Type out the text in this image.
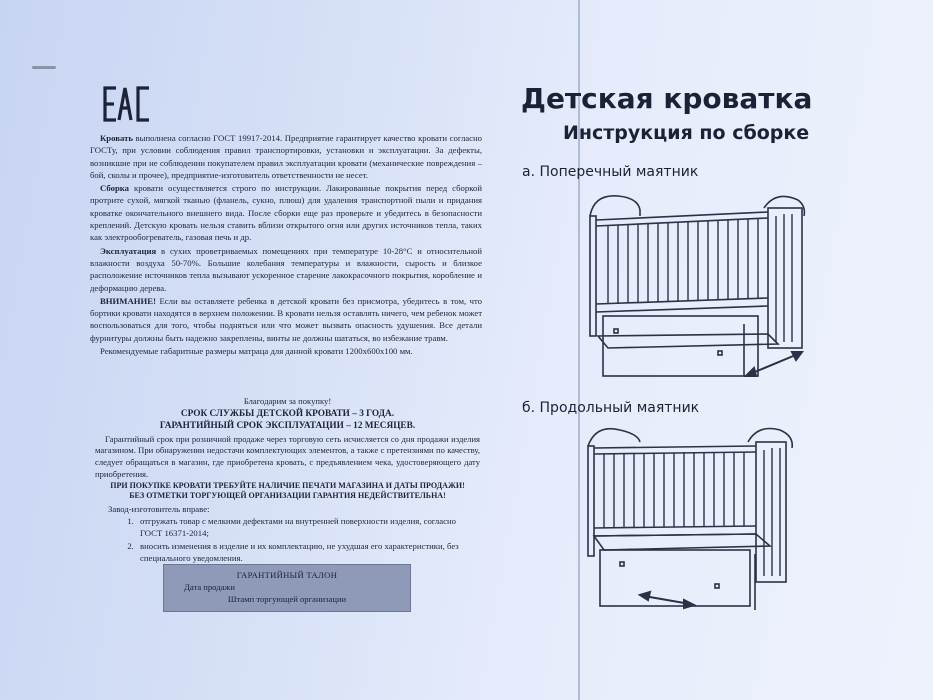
Кровать выполнена согласно ГОСТ 19917-2014. Предприятие гарантирует качество кровати согласно ГОСТу, при условии соблюдения правил транспортировки, установки и эксплуатации. За дефекты, возникшие при не соблюдении покупателем правил эксплуатации кровати (механические повреждения – бой, сколы и прочее), предприятие-изготовитель ответственности не несет.

Сборка кровати осуществляется строго по инструкции. Лакированные покрытия перед сборкой протрите сухой, мягкой тканью (фланель, сукно, плюш) для удаления транспортной пыли и придания кроватке окончательного внешнего вида. После сборки еще раз проверьте и убедитесь в безопасности креплений. Детскую кровать нельзя ставить вблизи открытого огня или других источников тепла, таких как электрообогреватель, газовая печь и др.

Эксплуатация в сухих проветриваемых помещениях при температуре 10-28°С и относительной влажности воздуха 50-70%. Большие колебания температуры и влажности, сырость и близкое расположение источников тепла вызывают ускоренное старение лакокрасочного покрытия, коробление и деформацию дерева.

ВНИМАНИЕ! Если вы оставляете ребенка в детской кровати без присмотра, убедитесь в том, что бортики кровати находятся в верхнем положении. В кровати нельзя оставлять ничего, чем ребенок может воспользоваться для того, чтобы подняться или что может вызвать опасность удушения. Все детали фурнитуры должны быть надежно закреплены, винты не должны шататься, во избежание травм.

Рекомендуемые габаритные размеры матраца для данной кровати 1200х600х100 мм.

Благодарим за покупку!

СРОК СЛУЖБЫ ДЕТСКОЙ КРОВАТИ – 3 ГОДА.

ГАРАНТИЙНЫЙ СРОК ЭКСПЛУАТАЦИИ – 12 МЕСЯЦЕВ.

Гарантийный срок при розничной продаже через торговую сеть исчисляется со дня продажи изделия магазином. При обнаружении недостачи комплектующих элементов, а также с претензиями по качеству, следует обращаться в магазин, где приобретена кровать, с предъявлением чека, удостоверяющего дату приобретения.

ПРИ ПОКУПКЕ КРОВАТИ ТРЕБУЙТЕ НАЛИЧИЕ ПЕЧАТИ МАГАЗИНА И ДАТЫ ПРОДАЖИ!

БЕЗ ОТМЕТКИ ТОРГУЮЩЕЙ ОРГАНИЗАЦИИ ГАРАНТИЯ НЕДЕЙСТВИТЕЛЬНА!

Завод-изготовитель вправе:

1. отгружать товар с мелкими дефектами на внутренней поверхности изделия, согласно ГОСТ 16371-2014;
2. вносить изменения в изделие и их комплектацию, не ухудшая его характеристики, без специального уведомления.
ГАРАНТИЙНЫЙ ТАЛОН
Дата продажи
Штамп торгующей организации
Детская кроватка
Инструкция по сборке
а. Поперечный маятник
б. Продольный маятник
